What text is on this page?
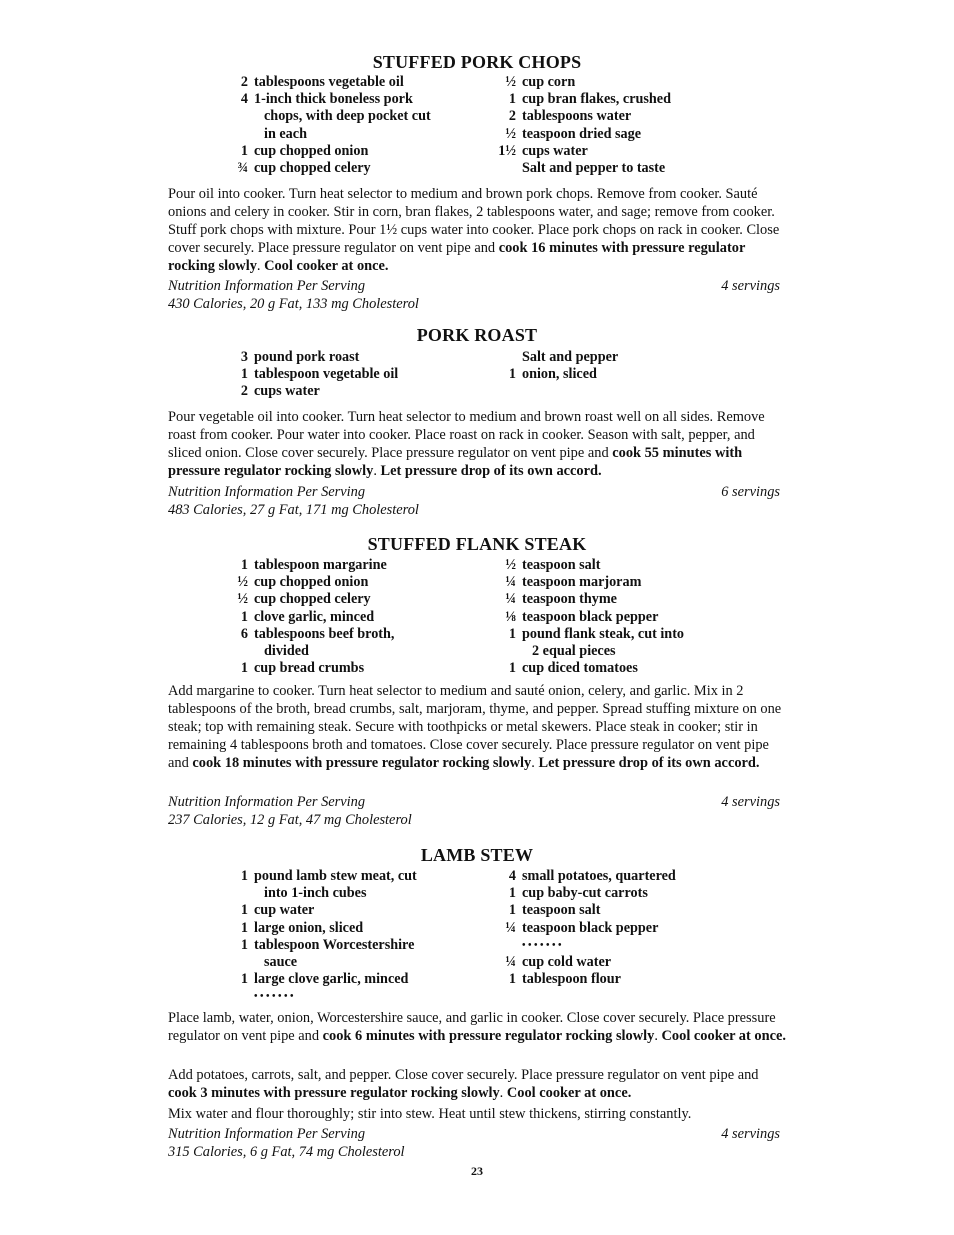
STUFFED PORK CHOPS
2 tablespoons vegetable oil
4 1-inch thick boneless pork
chops, with deep pocket cut
in each
1 cup chopped onion
¾ cup chopped celery
½ cup corn
1 cup bran flakes, crushed
2 tablespoons water
½ teaspoon dried sage
1½ cups water
Salt and pepper to taste
Pour oil into cooker. Turn heat selector to medium and brown pork chops. Remove from cooker. Sauté onions and celery in cooker. Stir in corn, bran flakes, 2 tablespoons water, and sage; remove from cooker. Stuff pork chops with mixture. Pour 1½ cups water into cooker. Place pork chops on rack in cooker. Close cover securely. Place pressure regulator on vent pipe and cook 16 minutes with pressure regulator rocking slowly. Cool cooker at once.
Nutrition Information Per Serving	4 servings
430 Calories, 20 g Fat, 133 mg Cholesterol
PORK ROAST
3 pound pork roast
1 tablespoon vegetable oil
2 cups water
Salt and pepper
1 onion, sliced
Pour vegetable oil into cooker. Turn heat selector to medium and brown roast well on all sides. Remove roast from cooker. Pour water into cooker. Place roast on rack in cooker. Season with salt, pepper, and sliced onion. Close cover securely. Place pressure regulator on vent pipe and cook 55 minutes with pressure regulator rocking slowly. Let pressure drop of its own accord.
Nutrition Information Per Serving	6 servings
483 Calories, 27 g Fat, 171 mg Cholesterol
STUFFED FLANK STEAK
1 tablespoon margarine
½ cup chopped onion
½ cup chopped celery
1 clove garlic, minced
6 tablespoons beef broth,
divided
1 cup bread crumbs
½ teaspoon salt
¼ teaspoon marjoram
¼ teaspoon thyme
⅛ teaspoon black pepper
1 pound flank steak, cut into
2 equal pieces
1 cup diced tomatoes
Add margarine to cooker. Turn heat selector to medium and sauté onion, celery, and garlic. Mix in 2 tablespoons of the broth, bread crumbs, salt, marjoram, thyme, and pepper. Spread stuffing mixture on one steak; top with remaining steak. Secure with toothpicks or metal skewers. Place steak in cooker; stir in remaining 4 tablespoons broth and tomatoes. Close cover securely. Place pressure regulator on vent pipe and cook 18 minutes with pressure regulator rocking slowly. Let pressure drop of its own accord.
Nutrition Information Per Serving	4 servings
237 Calories, 12 g Fat, 47 mg Cholesterol
LAMB STEW
1 pound lamb stew meat, cut
into 1-inch cubes
1 cup water
1 large onion, sliced
1 tablespoon Worcestershire
sauce
1 large clove garlic, minced
• • • • • • •
4 small potatoes, quartered
1 cup baby-cut carrots
1 teaspoon salt
¼ teaspoon black pepper
• • • • • • •
¼ cup cold water
1 tablespoon flour
Place lamb, water, onion, Worcestershire sauce, and garlic in cooker. Close cover securely. Place pressure regulator on vent pipe and cook 6 minutes with pressure regulator rocking slowly. Cool cooker at once.
Add potatoes, carrots, salt, and pepper. Close cover securely. Place pressure regulator on vent pipe and cook 3 minutes with pressure regulator rocking slowly. Cool cooker at once.
Mix water and flour thoroughly; stir into stew. Heat until stew thickens, stirring constantly.
Nutrition Information Per Serving	4 servings
315 Calories, 6 g Fat, 74 mg Cholesterol
23
